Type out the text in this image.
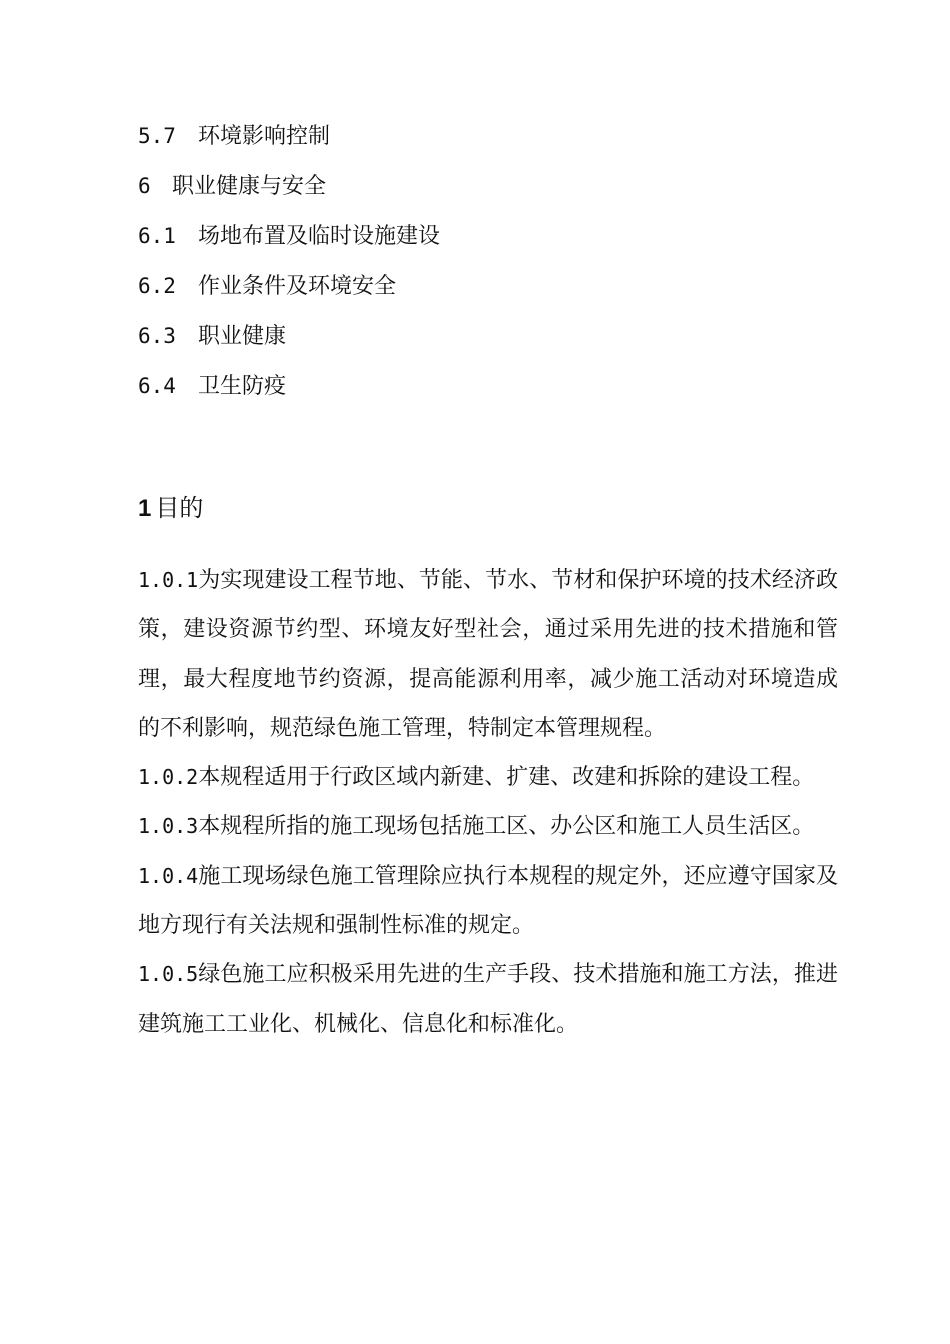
5.7 环境影响控制
6 职业健康与安全
6.1 场地布置及临时设施建设
6.2 作业条件及环境安全
6.3 职业健康
6.4 卫生防疫
1 目的

1.0.1为实现建设工程节地、节能、节水、节材和保护环境的技术经济政策，建设资源节约型、环境友好型社会，通过采用先进的技术措施和管理，最大程度地节约资源，提高能源利用率，减少施工活动对环境造成的不利影响，规范绿色施工管理，特制定本管理规程。

1.0.2本规程适用于行政区域内新建、扩建、改建和拆除的建设工程。

1.0.3本规程所指的施工现场包括施工区、办公区和施工人员生活区。

1.0.4施工现场绿色施工管理除应执行本规程的规定外，还应遵守国家及地方现行有关法规和强制性标准的规定。

1.0.5绿色施工应积极采用先进的生产手段、技术措施和施工方法，推进建筑施工工业化、机械化、信息化和标准化。
